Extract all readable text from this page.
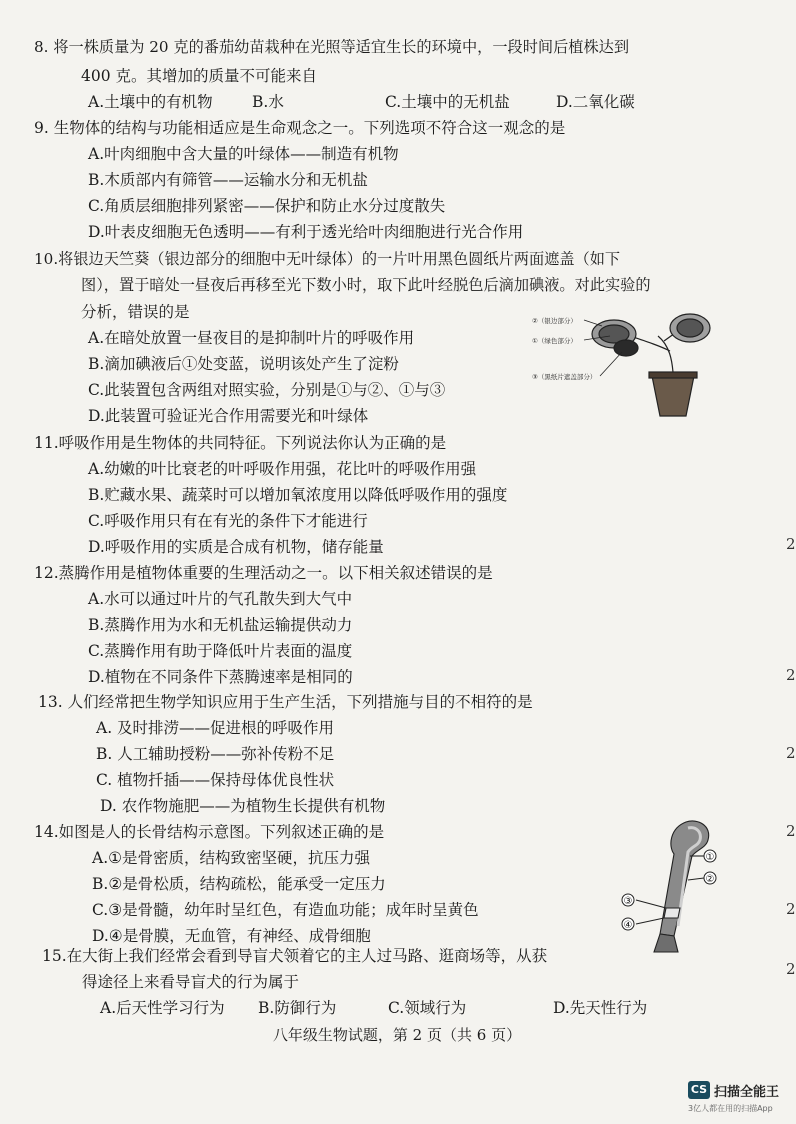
8. 将一株质量为 20 克的番茄幼苗栽种在光照等适宜生长的环境中，一段时间后植株达到
400 克。其增加的质量不可能来自
A.土壤中的有机物	B.水	C.土壤中的无机盐	D.二氧化碳
9. 生物体的结构与功能相适应是生命观念之一。下列选项不符合这一观念的是
A.叶肉细胞中含大量的叶绿体——制造有机物
B.木质部内有筛管——运输水分和无机盐
C.角质层细胞排列紧密——保护和防止水分过度散失
D.叶表皮细胞无色透明——有利于透光给叶肉细胞进行光合作用
10.将银边天竺葵（银边部分的细胞中无叶绿体）的一片叶用黑色圆纸片两面遮盖（如下
图），置于暗处一昼夜后再移至光下数小时，取下此叶经脱色后滴加碘液。对此实验的
分析，错误的是
A.在暗处放置一昼夜目的是抑制叶片的呼吸作用
B.滴加碘液后①处变蓝，说明该处产生了淀粉
C.此装置包含两组对照实验，分别是①与②、①与③
D.此装置可验证光合作用需要光和叶绿体
②（银边部分）
①（绿色部分）
③（黑纸片遮盖部分）
11.呼吸作用是生物体的共同特征。下列说法你认为正确的是
A.幼嫩的叶比衰老的叶呼吸作用强，花比叶的呼吸作用强
B.贮藏水果、蔬菜时可以增加氧浓度用以降低呼吸作用的强度
C.呼吸作用只有在有光的条件下才能进行
D.呼吸作用的实质是合成有机物，储存能量
12.蒸腾作用是植物体重要的生理活动之一。以下相关叙述错误的是
A.水可以通过叶片的气孔散失到大气中
B.蒸腾作用为水和无机盐运输提供动力
C.蒸腾作用有助于降低叶片表面的温度
D.植物在不同条件下蒸腾速率是相同的
13. 人们经常把生物学知识应用于生产生活，下列措施与目的不相符的是
A. 及时排涝——促进根的呼吸作用
B. 人工辅助授粉——弥补传粉不足
C. 植物扦插——保持母体优良性状
D. 农作物施肥——为植物生长提供有机物
14.如图是人的长骨结构示意图。下列叙述正确的是
A.①是骨密质，结构致密坚硬，抗压力强
B.②是骨松质，结构疏松，能承受一定压力
C.③是骨髓，幼年时呈红色，有造血功能；成年时呈黄色
D.④是骨膜，无血管，有神经、成骨细胞
①
②
③
④
15.在大街上我们经常会看到导盲犬领着它的主人过马路、逛商场等，从获
得途径上来看导盲犬的行为属于
A.后天性学习行为 B.防御行为	C.领域行为	D.先天性行为
八年级生物试题，第 2 页（共 6 页）
2
2
2
2
2
2
CS 扫描全能王
3亿人都在用的扫描App
